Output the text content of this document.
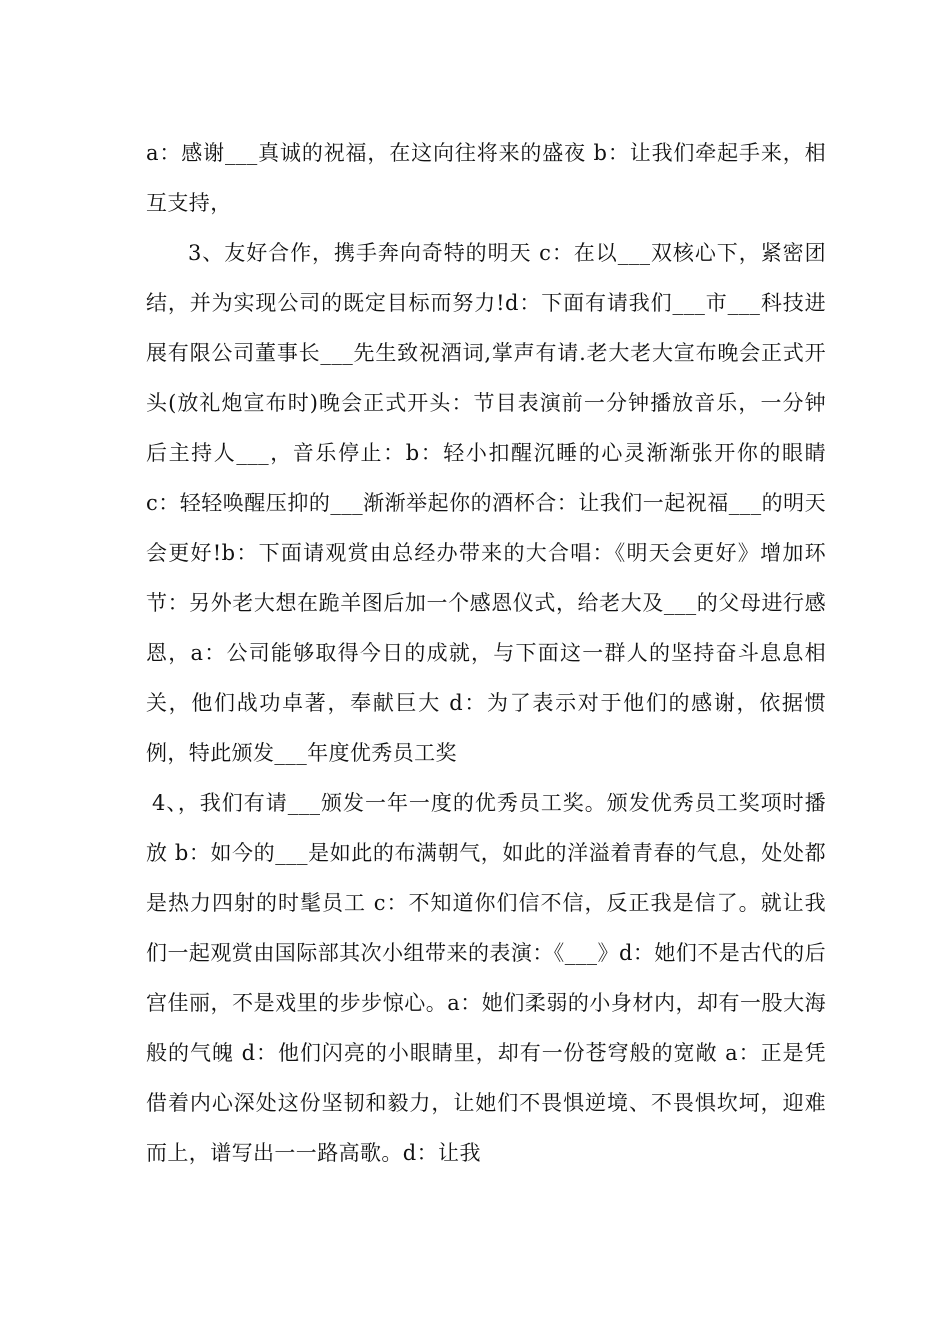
a：感谢___真诚的祝福，在这向往将来的盛夜 b：让我们牵起手来，相互支持，

3、友好合作，携手奔向奇特的明天 c：在以___双核心下，紧密团结，并为实现公司的既定目标而努力!d：下面有请我们___市___科技进展有限公司董事长___先生致祝酒词,掌声有请.老大老大宣布晚会正式开头(放礼炮宣布时)晚会正式开头：节目表演前一分钟播放音乐，一分钟后主持人___，音乐停止：b：轻小扣醒沉睡的心灵渐渐张开你的眼睛 c：轻轻唤醒压抑的___渐渐举起你的酒杯合：让我们一起祝福___的明天会更好!b：下面请观赏由总经办带来的大合唱：《明天会更好》增加环节：另外老大想在跪羊图后加一个感恩仪式，给老大及___的父母进行感恩，a：公司能够取得今日的成就，与下面这一群人的坚持奋斗息息相关，他们战功卓著，奉献巨大 d：为了表示对于他们的感谢，依据惯例，特此颁发___年度优秀员工奖

4、，我们有请___颁发一年一度的优秀员工奖。颁发优秀员工奖项时播放 b：如今的___是如此的布满朝气，如此的洋溢着青春的气息，处处都是热力四射的时髦员工 c：不知道你们信不信，反正我是信了。就让我们一起观赏由国际部其次小组带来的表演：《___》d：她们不是古代的后宫佳丽，不是戏里的步步惊心。a：她们柔弱的小身材内，却有一股大海般的气魄 d：他们闪亮的小眼睛里，却有一份苍穹般的宽敞 a：正是凭借着内心深处这份坚韧和毅力，让她们不畏惧逆境、不畏惧坎坷，迎难而上，谱写出一一路高歌。d：让我
